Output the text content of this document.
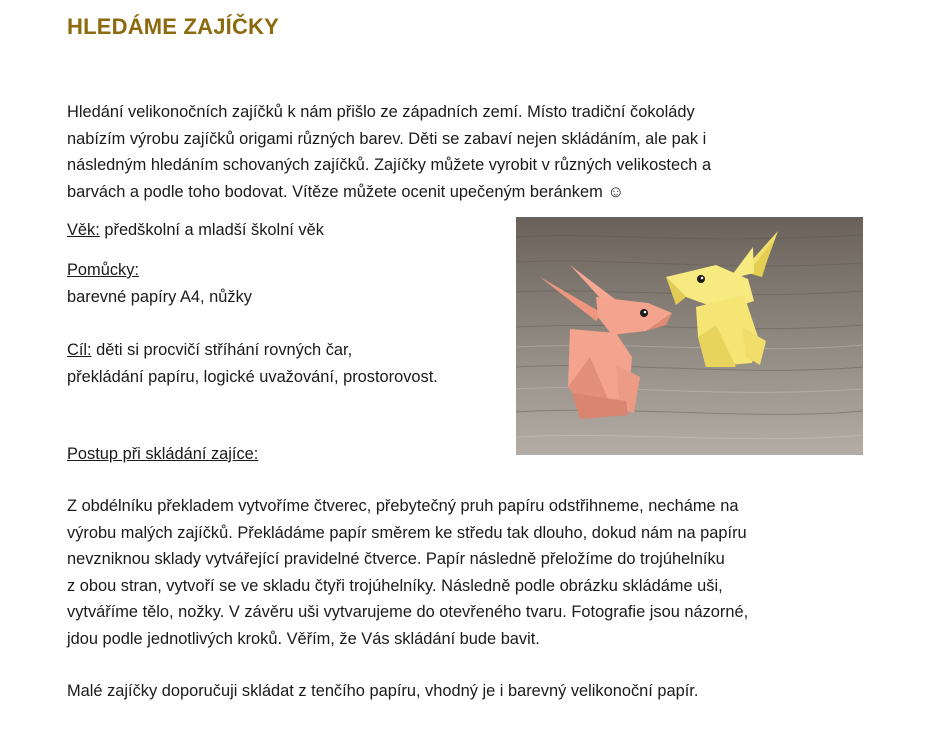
HLEDÁME ZAJÍČKY

Hledání velikonočních zajíčků k nám přišlo ze západních zemí. Místo tradiční čokolády
nabízím výrobu zajíčků origami různých barev. Děti se zabaví nejen skládáním, ale pak i
následným hledáním schovaných zajíčků. Zajíčky můžete vyrobit v různých velikostech a
barvách a podle toho bodovat. Vítěze můžete ocenit upečeným beránkem ☺

Věk: předškolní a mladší školní věk

Pomůcky:
barevné papíry A4, nůžky

Cíl: děti si procvičí stříhání rovných čar,
překládání papíru, logické uvažování, prostorovost.

Postup při skládání zajíce:

Z obdélníku překladem vytvoříme čtverec, přebytečný pruh papíru odstřihneme, necháme na
výrobu malých zajíčků. Překládáme papír směrem ke středu tak dlouho, dokud nám na papíru
nevzniknou sklady vytvářející pravidelné čtverce. Papír následně přeložíme do trojúhelníku
z obou stran, vytvoří se ve skladu čtyři trojúhelníky. Následně podle obrázku skládáme uši,
vytváříme tělo, nožky. V závěru uši vytvarujeme do otevřeného tvaru. Fotografie jsou názorné,
jdou podle jednotlivých kroků. Věřím, že Vás skládání bude bavit.

Malé zajíčky doporučuji skládat z tenčího papíru, vhodný je i barevný velikonoční papír.
